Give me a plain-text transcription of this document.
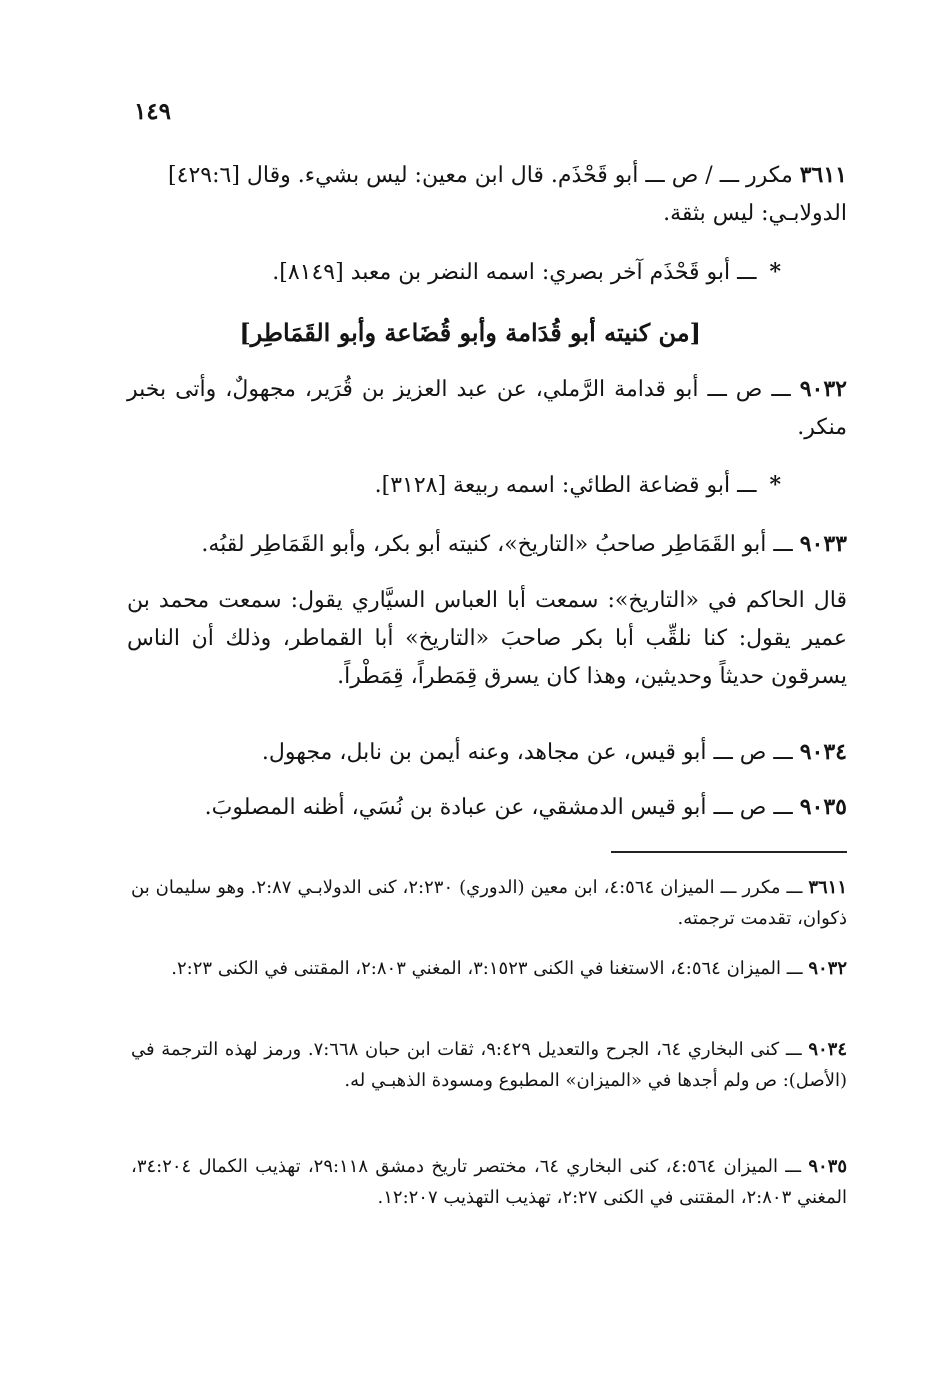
١٤٩
٣٦١١ مكرر ـــ / ص ـــ أبو قَحْذَم. قال ابن معين: ليس بشيء. وقال [٤٢٩:٦]
الدولابـي: ليس بثقة.
* ـــ أبو قَحْذَم آخر بصري: اسمه النضر بن معبد [٨١٤٩].
[من كنيته أبو قُدَامة وأبو قُضَاعة وأبو القَمَاطِر]
٩٠٣٢ ـــ ص ـــ أبو قدامة الرَّملي، عن عبد العزيز بن قُرَير، مجهولٌ، وأتى بخبر منكر.
* ـــ أبو قضاعة الطائي: اسمه ربيعة [٣١٢٨].
٩٠٣٣ ـــ أبو القَمَاطِر صاحبُ «التاريخ»، كنيته أبو بكر، وأبو القَمَاطِر لقبُه.
قال الحاكم في «التاريخ»: سمعت أبا العباس السيَّاري يقول: سمعت محمد بن عمير يقول: كنا نلقِّب أبا بكر صاحبَ «التاريخ» أبا القماطر، وذلك أن الناس يسرقون حديثاً وحديثين، وهذا كان يسرق قِمَطراً، قِمَطْراً.
٩٠٣٤ ـــ ص ـــ أبو قيس، عن مجاهد، وعنه أيمن بن نابل، مجهول.
٩٠٣٥ ـــ ص ـــ أبو قيس الدمشقي، عن عبادة بن نُسَي، أظنه المصلوبَ.
٣٦١١ ـــ مكرر ـــ الميزان ٤:٥٦٤، ابن معين (الدوري) ٢:٢٣٠، كنى الدولابـي ٢:٨٧. وهو سليمان بن ذكوان، تقدمت ترجمته.
٩٠٣٢ ـــ الميزان ٤:٥٦٤، الاستغنا في الكنى ٣:١٥٢٣، المغني ٢:٨٠٣، المقتنى في الكنى ٢:٢٣.
٩٠٣٤ ـــ كنى البخاري ٦٤، الجرح والتعديل ٩:٤٢٩، ثقات ابن حبان ٧:٦٦٨. ورمز لهذه الترجمة في (الأصل): ص ولم أجدها في «الميزان» المطبوع ومسودة الذهبـي له.
٩٠٣٥ ـــ الميزان ٤:٥٦٤، كنى البخاري ٦٤، مختصر تاريخ دمشق ٢٩:١١٨، تهذيب الكمال ٣٤:٢٠٤، المغني ٢:٨٠٣، المقتنى في الكنى ٢:٢٧، تهذيب التهذيب ١٢:٢٠٧.
